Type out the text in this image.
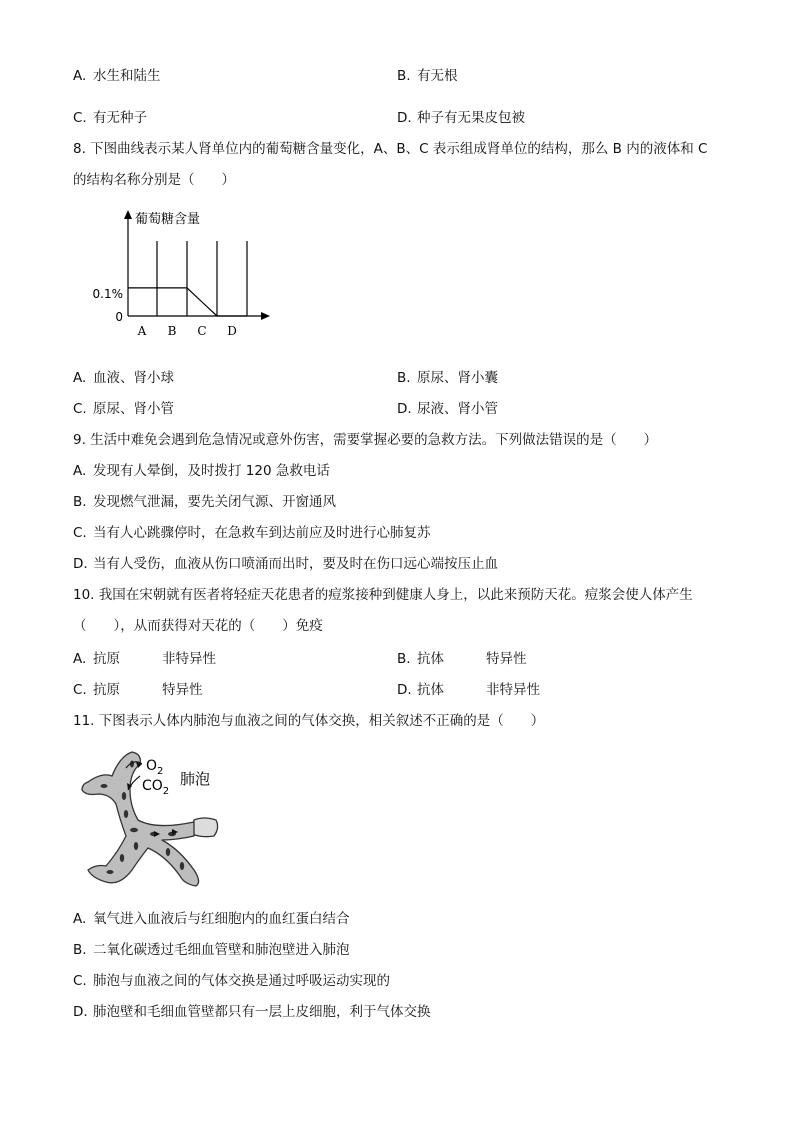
A. 水生和陆生	B. 有无根
C. 有无种子	D. 种子有无果皮包被
8. 下图曲线表示某人肾单位内的葡萄糖含量变化，A、B、C 表示组成肾单位的结构，那么 B 内的液体和 C 的结构名称分别是（　　）
葡萄糖含量
0.1%
0
A B C D
A. 血液、肾小球	B. 原尿、肾小囊
C. 原尿、肾小管	D. 尿液、肾小管
9. 生活中难免会遇到危急情况或意外伤害，需要掌握必要的急救方法。下列做法错误的是（　　）
A. 发现有人晕倒，及时拨打 120 急救电话
B. 发现燃气泄漏，要先关闭气源、开窗通风
C. 当有人心跳骤停时，在急救车到达前应及时进行心肺复苏
D. 当有人受伤，血液从伤口喷涌而出时，要及时在伤口远心端按压止血
10. 我国在宋朝就有医者将轻症天花患者的痘浆接种到健康人身上，以此来预防天花。痘浆会使人体产生（　　），从而获得对天花的（　　）免疫
A. 抗原	非特异性	B. 抗体	特异性
C. 抗原	特异性	D. 抗体	非特异性
11. 下图表示人体内肺泡与血液之间的气体交换，相关叙述不正确的是（　　）
$O_2$
$CO_2$
肺泡
A. 氧气进入血液后与红细胞内的血红蛋白结合
B. 二氧化碳透过毛细血管壁和肺泡壁进入肺泡
C. 肺泡与血液之间的气体交换是通过呼吸运动实现的
D. 肺泡壁和毛细血管壁都只有一层上皮细胞，利于气体交换
